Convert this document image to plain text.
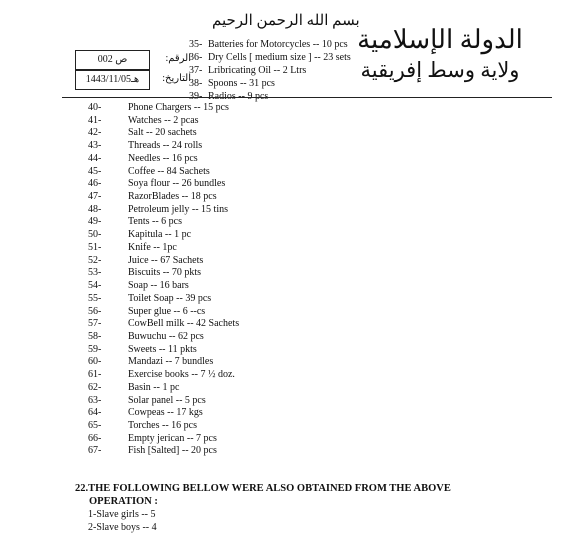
بسم الله الرحمن الرحيم
الدولة الإسلامية
ولاية وسط إفريقية
ص 002	الرقم:
1443/11/05هـ	التاريخ:
35- Batteries for Motorcycles -- 10 pcs
36- Dry Cells [ medium size ] -- 23 sets
37- Lribricating Oil -- 2 Ltrs
38- Spoons -- 31 pcs
39- Radios -- 9 pcs
40-	Phone Chargers -- 15 pcs
41-	Watches -- 2 pcas
42-	Salt -- 20 sachets
43-	Threads -- 24 rolls
44-	Needles -- 16 pcs
45-	Coffee -- 84 Sachets
46-	Soya flour -- 26 bundles
47-	RazorBlades -- 18 pcs
48-	Petroleum jelly -- 15 tins
49-	Tents -- 6 pcs
50-	Kapitula -- 1 pc
51-	Knife -- 1pc
52-	Juice -- 67 Sachets
53-	Biscuits -- 70 pkts
54-	Soap -- 16 bars
55-	Toilet Soap -- 39 pcs
56-	Super glue -- 6 --cs
57-	CowBell milk -- 42 Sachets
58-	Buwuchu -- 62 pcs
59-	Sweets -- 11 pkts
60-	Mandazi -- 7 bundles
61-	Exercise books -- 7 ½ doz.
62-	Basin -- 1 pc
63-	Solar panel -- 5 pcs
64-	Cowpeas -- 17 kgs
65-	Torches -- 16 pcs
66-	Empty jerican -- 7 pcs
67-	Fish [Salted] -- 20 pcs
22.THE FOLLOWING BELLOW WERE ALSO OBTAINED FROM THE ABOVE
OPERATION :
1-Slave girls -- 5
2-Slave boys -- 4
